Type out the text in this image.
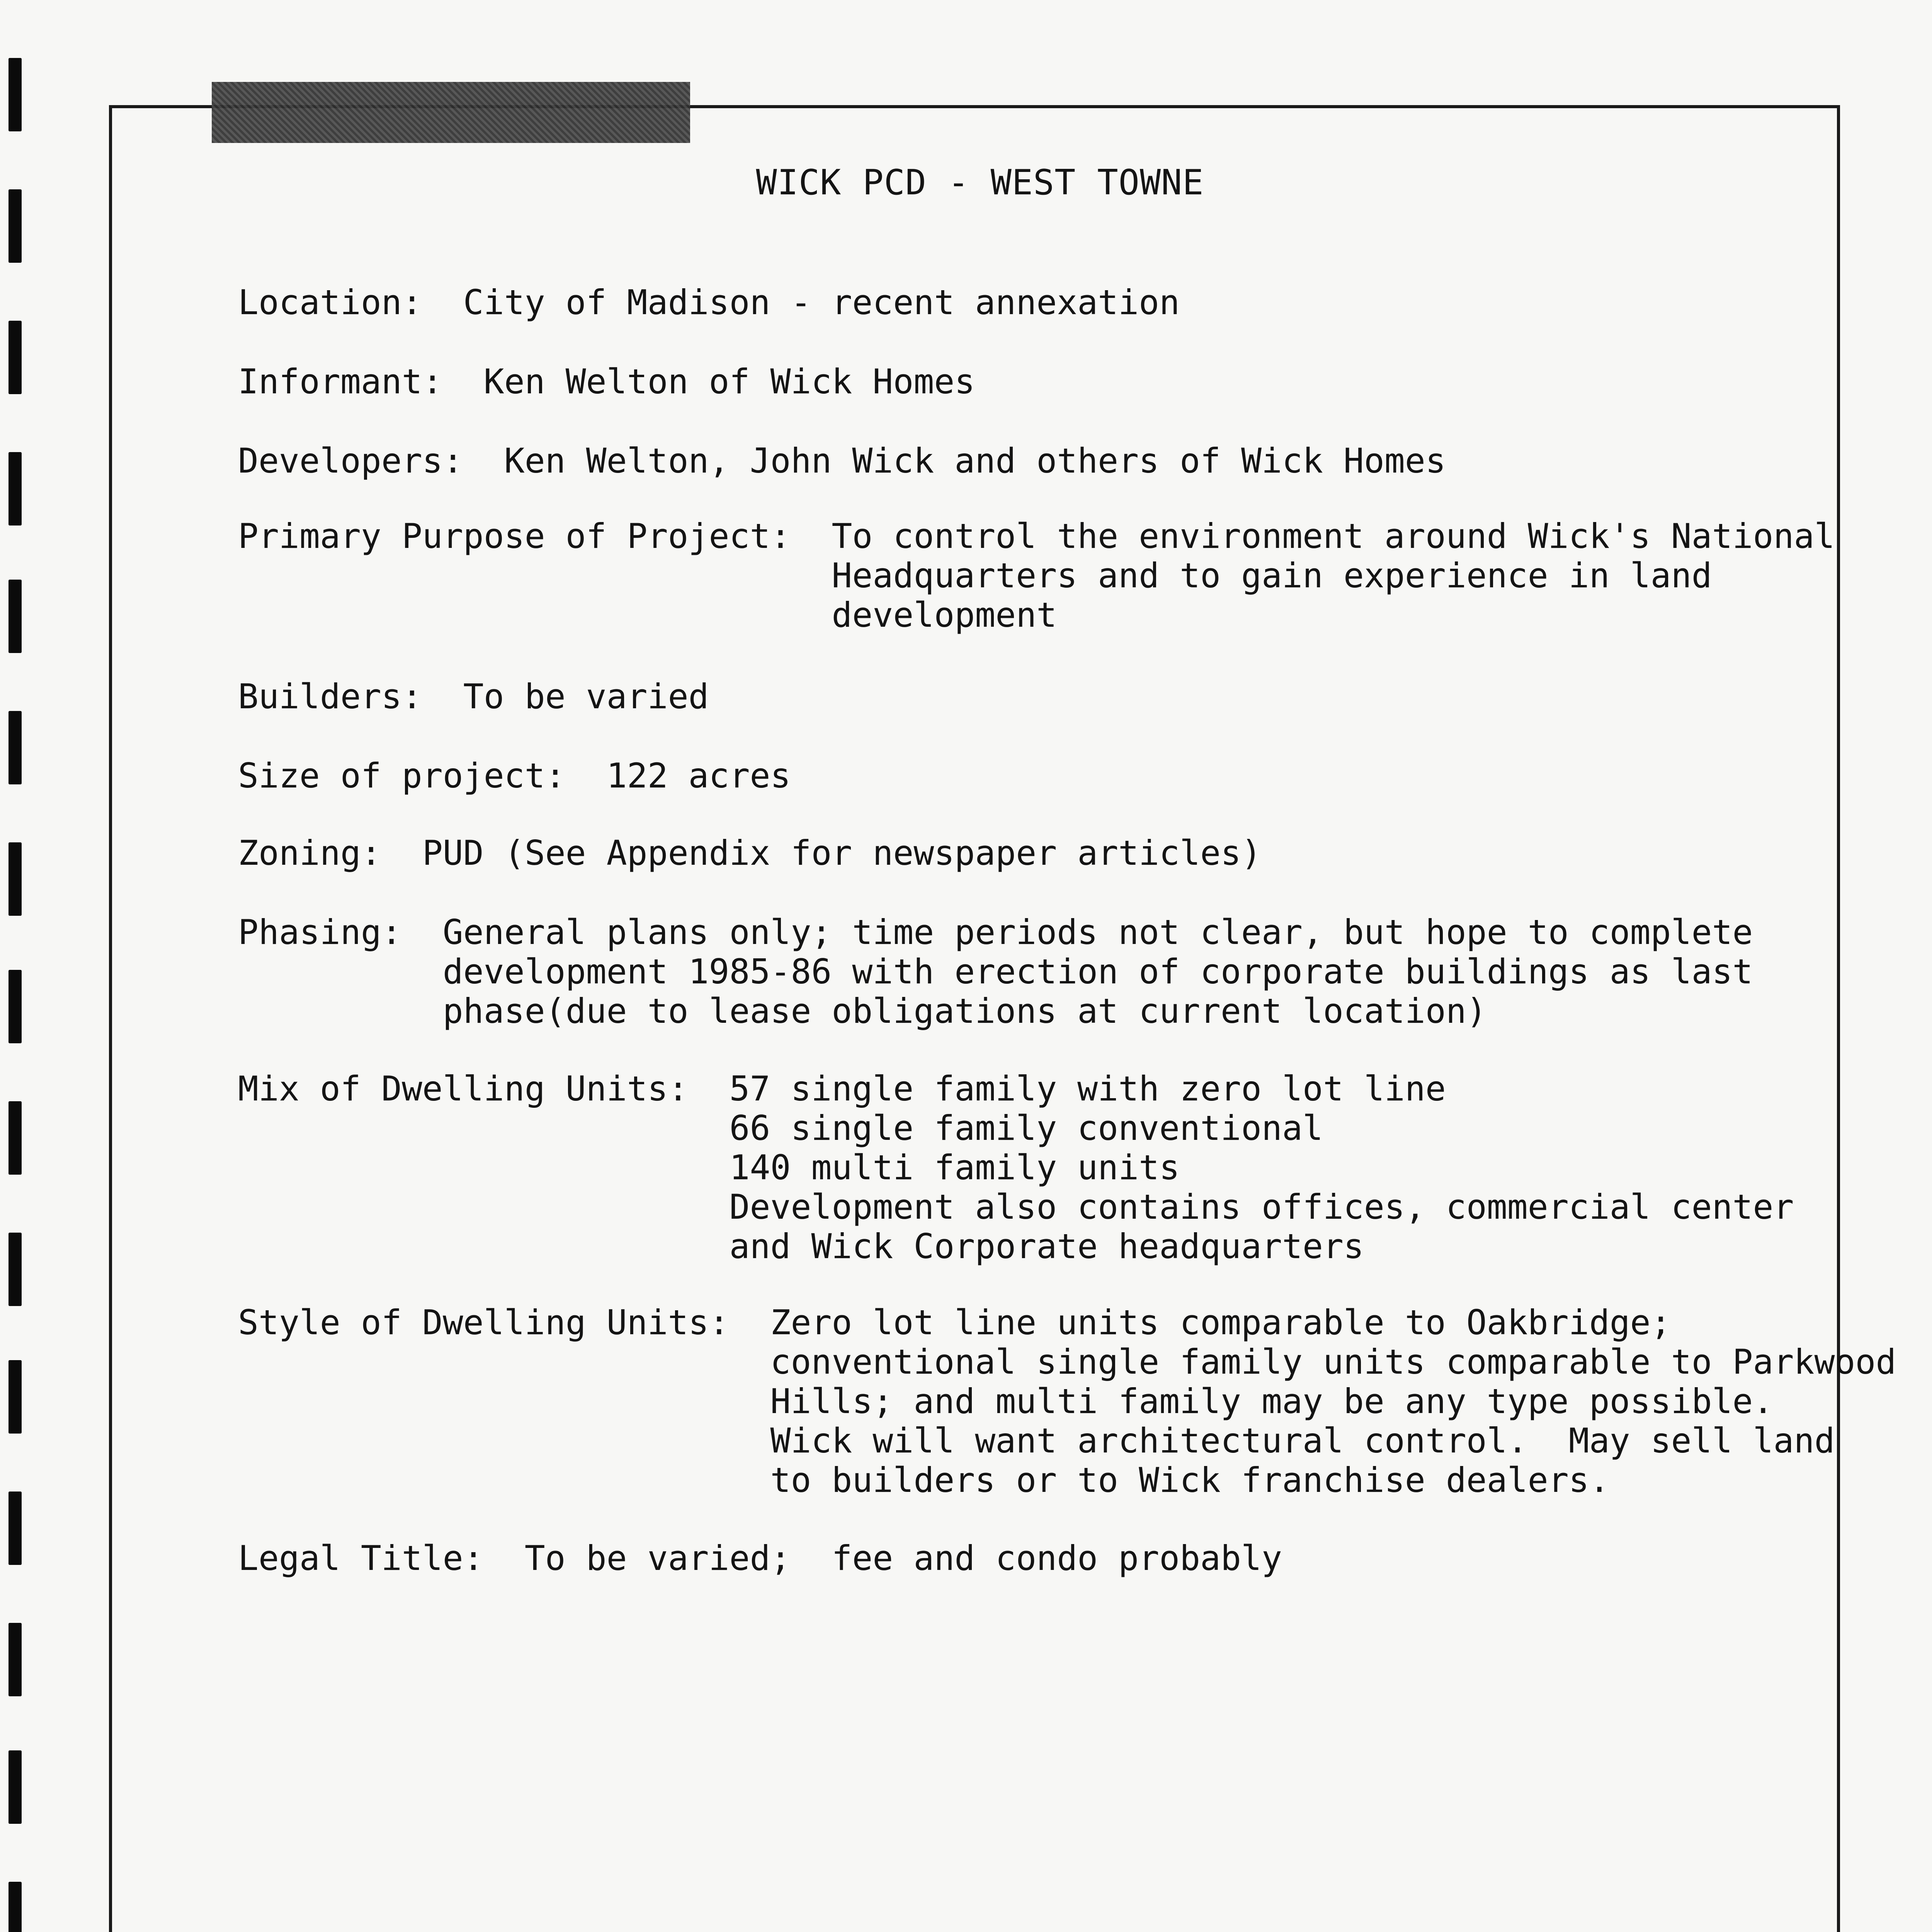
WICK PCD - WEST TOWNE

Location: City of Madison - recent annexation

Informant: Ken Welton of Wick Homes

Developers: Ken Welton, John Wick and others of Wick Homes

Primary Purpose of Project: To control the environment around Wick's National
Headquarters and to gain experience in land
development

Builders: To be varied

Size of project: 122 acres

Zoning: PUD (See Appendix for newspaper articles)

Phasing: General plans only; time periods not clear, but hope to complete
development 1985-86 with erection of corporate buildings as last
phase(due to lease obligations at current location)

Mix of Dwelling Units: 57 single family with zero lot line
66 single family conventional
140 multi family units
Development also contains offices, commercial center
and Wick Corporate headquarters

Style of Dwelling Units: Zero lot line units comparable to Oakbridge;
conventional single family units comparable to Parkwood
Hills; and multi family may be any type possible.
Wick will want architectural control.  May sell land
to builders or to Wick franchise dealers.

Legal Title: To be varied;  fee and condo probably
